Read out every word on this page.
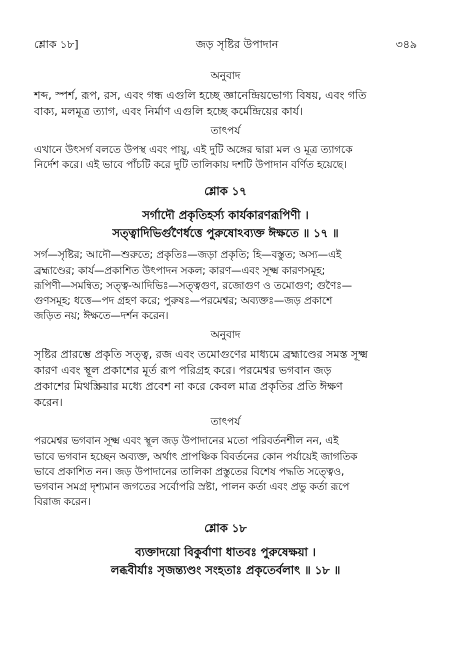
শ্লোক ১৮]	জড় সৃষ্টির উপাদান	৩৪৯
অনুবাদ

শব্দ, স্পর্শ, রূপ, রস, এবং গন্ধ এগুলি হচ্ছে জ্ঞানেন্দ্রিয়ভোগ্য বিষয়, এবং গতি
বাক্য, মলমূত্র ত্যাগ, এবং নির্মাণ এগুলি হচ্ছে কর্মেন্দ্রিয়ের কার্য।

তাৎপর্য

এখানে উৎসর্গ বলতে উপস্থ এবং পায়ু, এই দুটি অঙ্গের দ্বারা মল ও মূত্র ত্যাগকে
নির্দেশ করে। এই ভাবে পাঁচটি করে দুটি তালিকায় দশটি উপাদান বর্ণিত হয়েছে।

শ্লোক ১৭

সর্গাদৌ প্রকৃতিহর্স্য কার্যকারণরূপিণী ।
সত্ত্বাদিভির্গুণৈর্ধত্তে পুরুষোঽব্যক্ত ঈক্ষতে ॥ ১৭ ॥

সর্গ—সৃষ্টির; আদৌ—শুরুতে; প্রকৃতিঃ—জড়া প্রকৃতি; হি—বস্তুত; অস্য—এই
ব্রহ্মাণ্ডের; কার্য—প্রকাশিত উৎপাদন সকল; কারণ—এবং সূক্ষ্ম কারণসমূহ;
রূপিণী—সমন্বিত; সত্ত্ব-আদিভিঃ—সত্ত্বগুণ, রজোগুণ ও তমোগুণ; গুণৈঃ—
গুণসমূহ; ধত্তে—পদ গ্রহণ করে; পুরুষঃ—পরমেশ্বর; অব্যক্তঃ—জড় প্রকাশে
জড়িত নয়; ঈক্ষতে—দর্শন করেন।

অনুবাদ

সৃষ্টির প্রারম্ভে প্রকৃতি সত্ত্ব, রজ এবং তমোগুণের মাধ্যমে ব্রহ্মাণ্ডের সমস্ত সূক্ষ্ম
কারণ এবং স্থূল প্রকাশের মূর্ত রূপ পরিগ্রহ করে। পরমেশ্বর ভগবান জড়
প্রকাশের মিথস্ক্রিয়ার মধ্যে প্রবেশ না করে কেবল মাত্র প্রকৃতির প্রতি ঈক্ষণ
করেন।

তাৎপর্য

পরমেশ্বর ভগবান সূক্ষ্ম এবং স্থূল জড় উপাদানের মতো পরিবর্তনশীল নন, এই
ভাবে ভগবান হচ্ছেন অব্যক্ত, অর্থাৎ প্রাপঞ্চিক বিবর্তনের কোন পর্যায়েই জাগতিক
ভাবে প্রকাশিত নন। জড় উপাদানের তালিকা প্রস্তুতের বিশেষ পদ্ধতি সত্ত্বেও,
ভগবান সমগ্র দৃশ্যমান জগতের সর্বোপরি স্রষ্টা, পালন কর্তা এবং প্রভু কর্তা রূপে
বিরাজ করেন।

শ্লোক ১৮

ব্যক্তাদয়ো বিকুর্বাণা ধাতবঃ পুরুষেক্ষয়া ।
লব্ধবীর্যাঃ সৃজন্ত্যণ্ডং সংহতাঃ প্রকৃতের্বলাৎ ॥ ১৮ ॥
